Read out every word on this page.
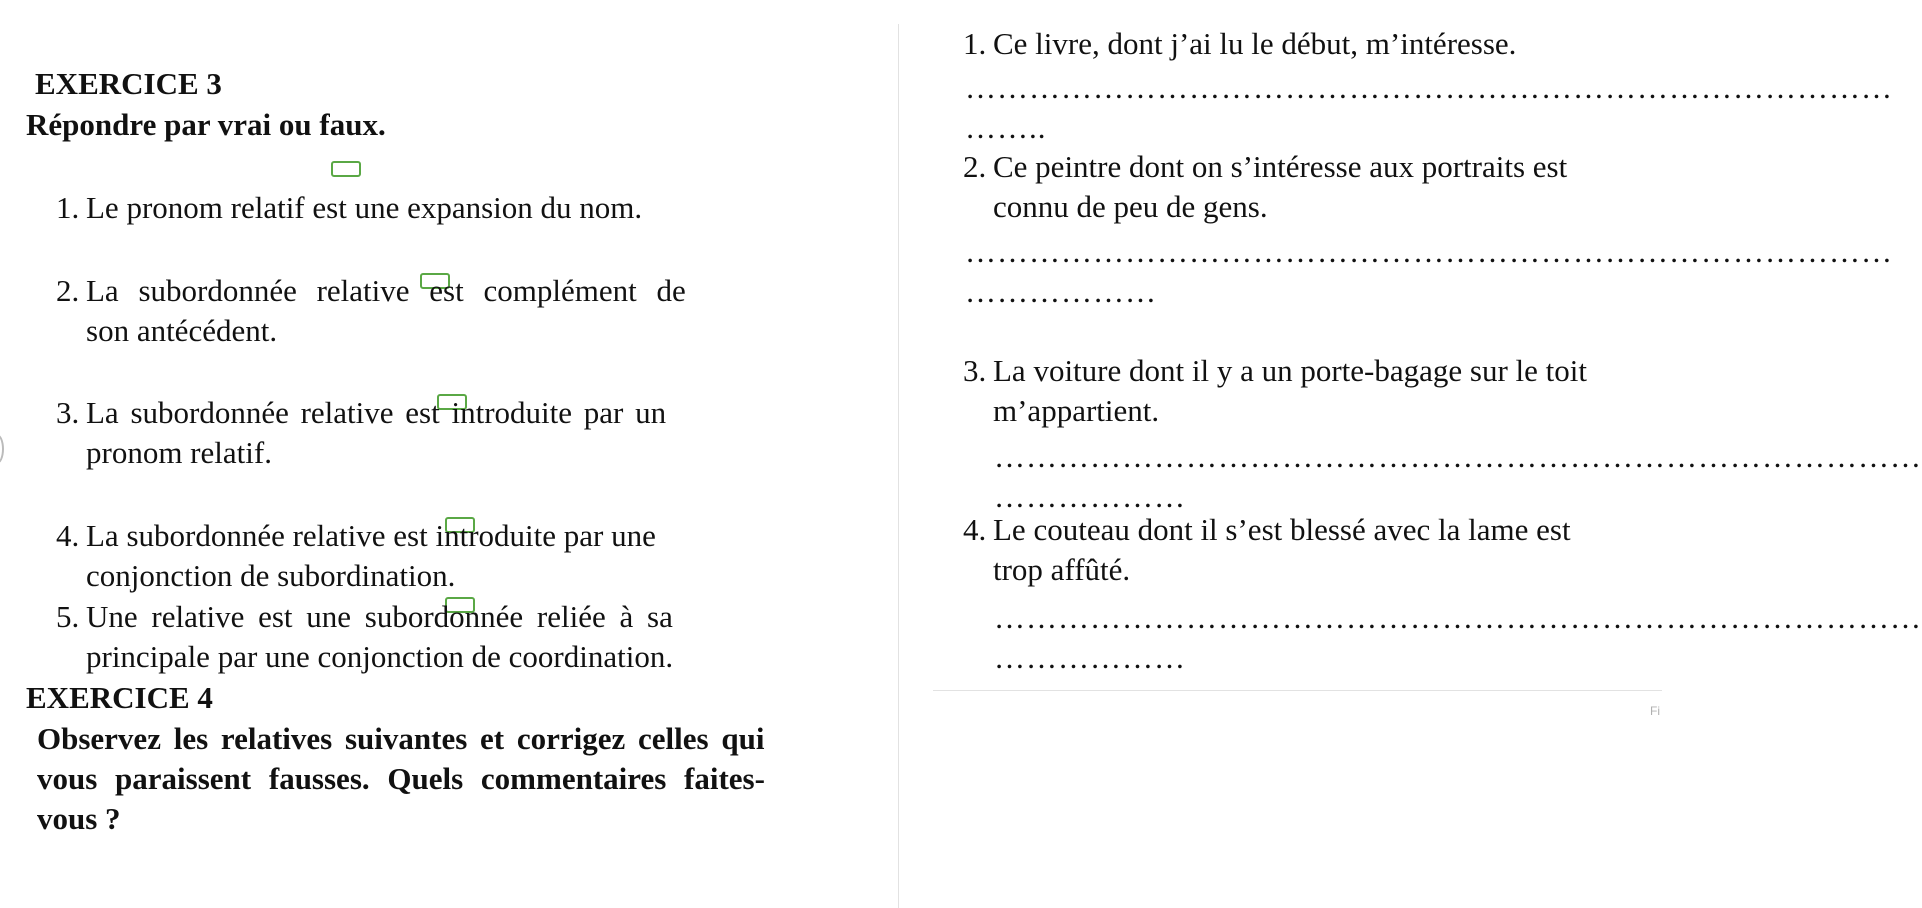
EXERCICE 3
Répondre par vrai ou faux.
1. Le pronom relatif est une expansion du nom.
2. La subordonnée relative est complément de
son antécédent.
3. La subordonnée relative est introduite par un
pronom relatif.
4. La subordonnée relative est introduite par une
conjonction de subordination.
5. Une relative est une subordonnée reliée à sa
principale par une conjonction de coordination.
EXERCICE 4
Observez les relatives suivantes et corrigez celles qui
vous paraissent fausses. Quels commentaires faites-
vous ?
1. Ce livre, dont j’ai lu le début, m’intéresse.
……………………………………………………………………………
……..
2. Ce peintre dont on s’intéresse aux portraits est
connu de peu de gens.
……………………………………………………………………………
………………
3. La voiture dont il y a un porte-bagage sur le toit
m’appartient.
……………………………………………………………………………
………………
4. Le couteau dont il s’est blessé avec la lame est
trop affûté.
……………………………………………………………………………
………………
Fi
